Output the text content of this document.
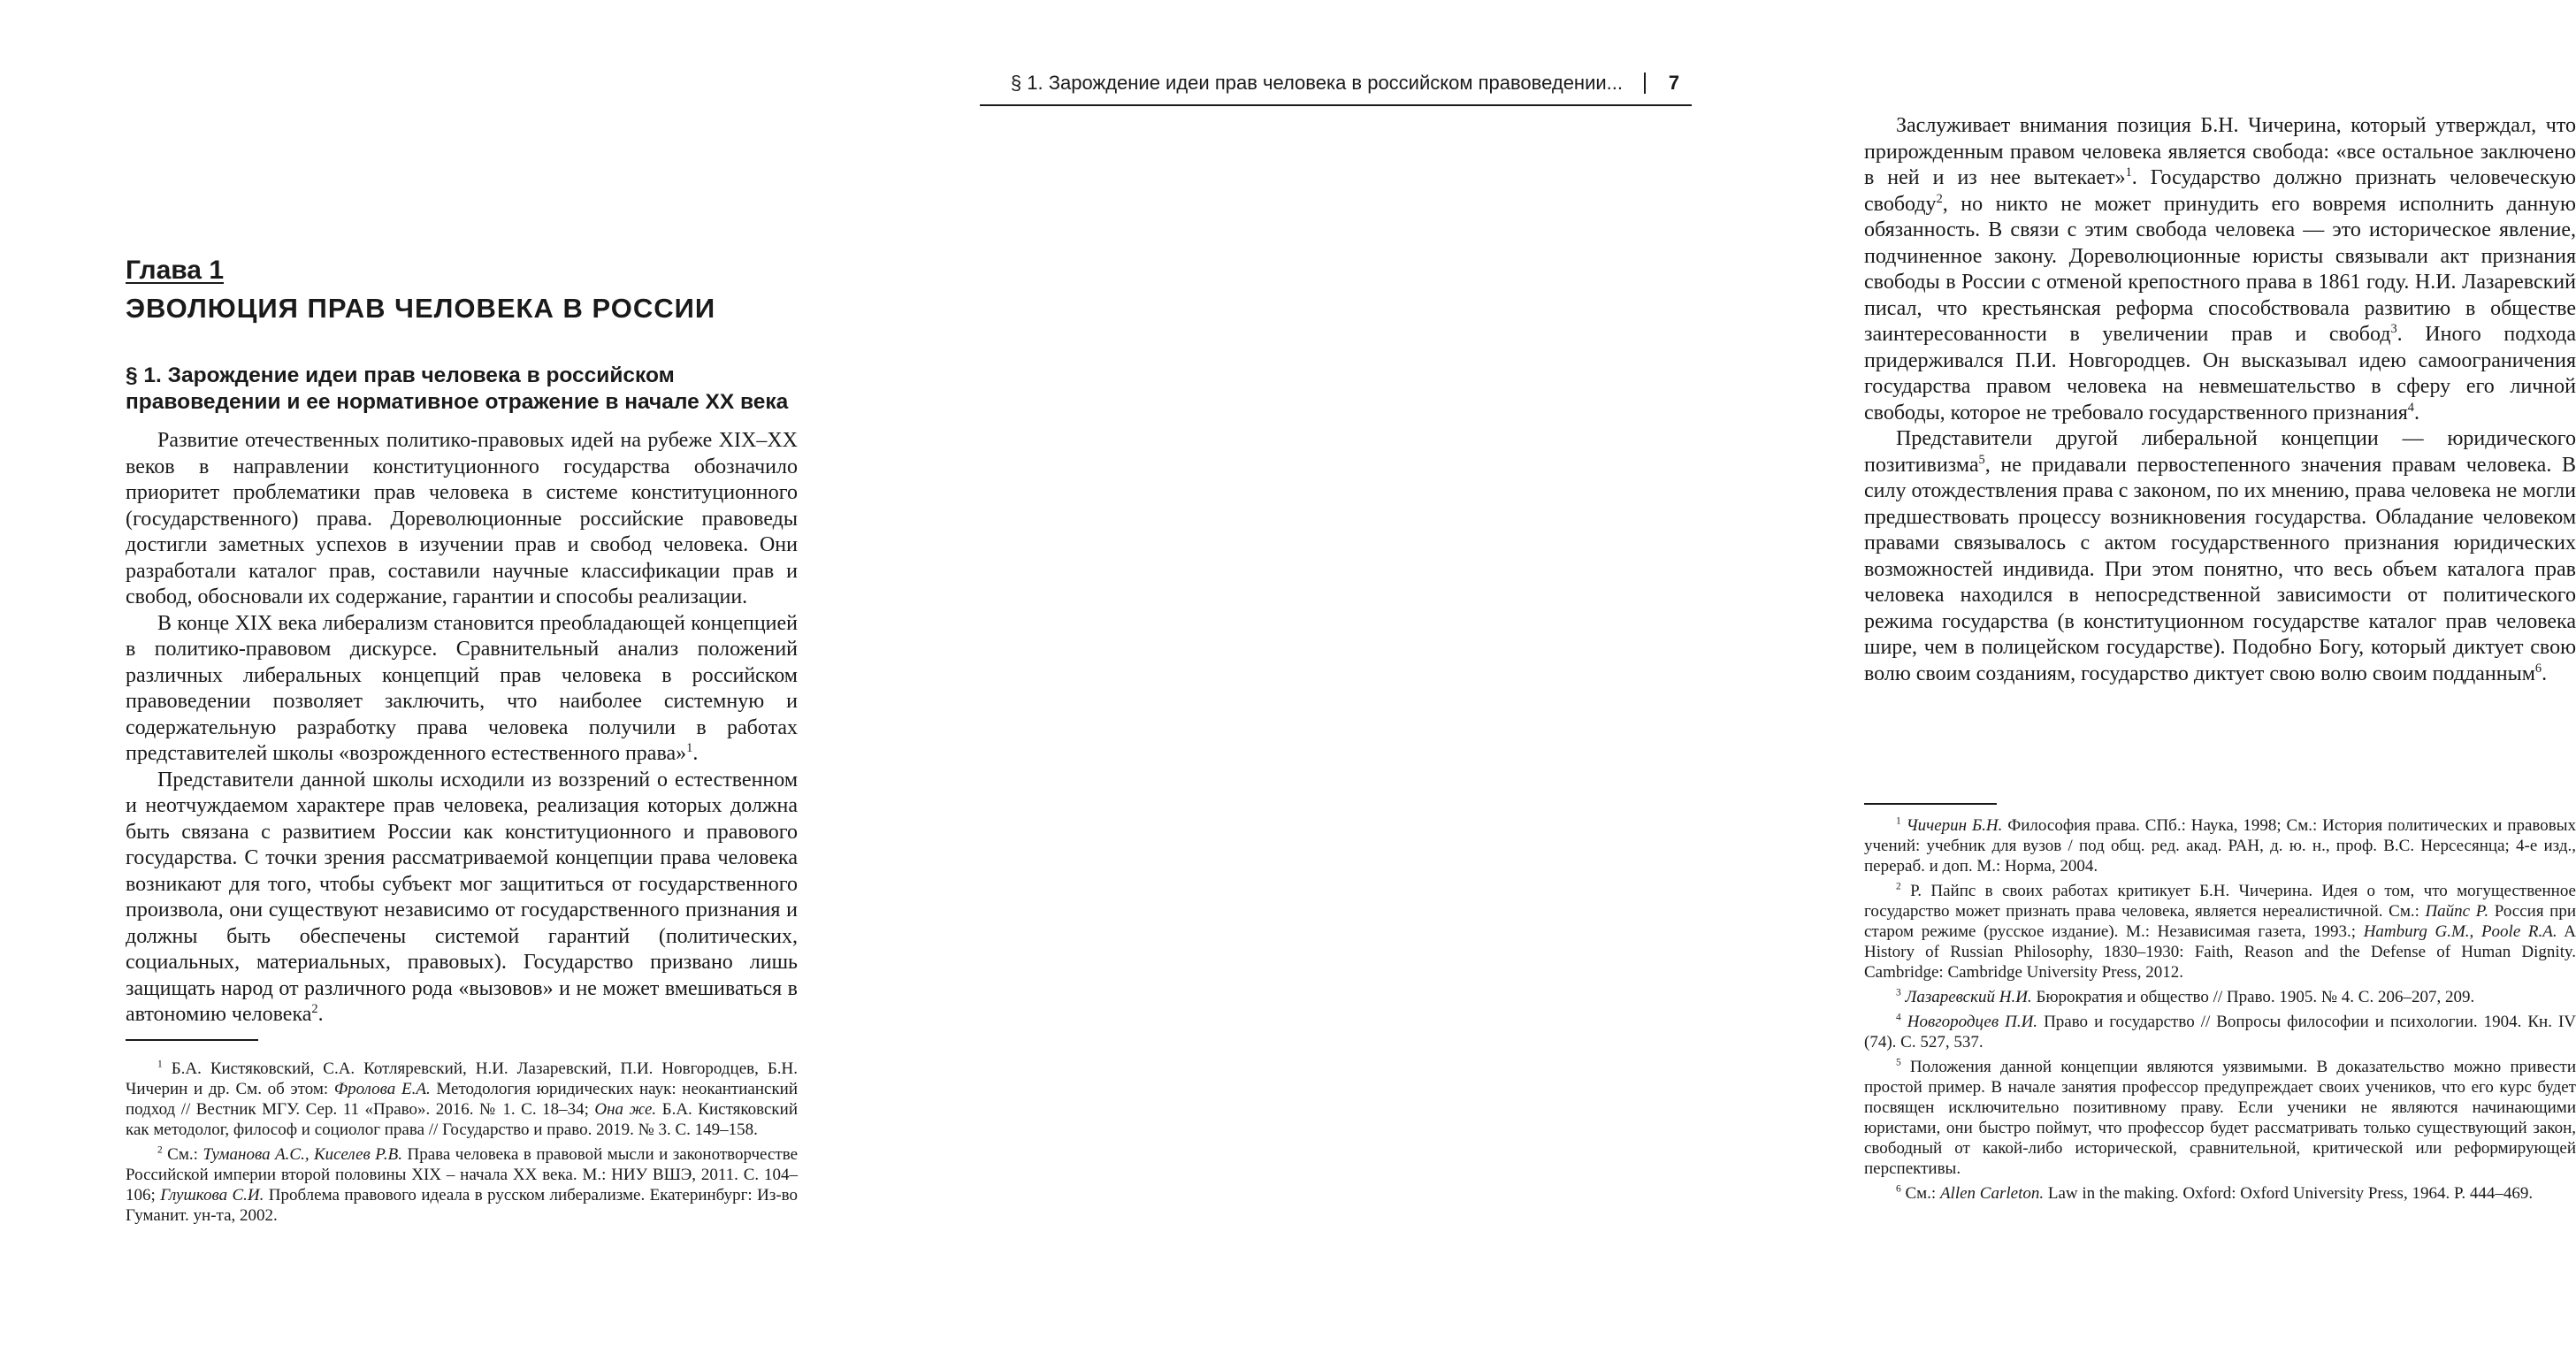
Глава 1
ЭВОЛЮЦИЯ ПРАВ ЧЕЛОВЕКА В РОССИИ
§ 1. Зарождение идеи прав человека в российском правоведении и ее нормативное отражение в начале XX века

Развитие отечественных политико-правовых идей на рубеже XIX–XX веков в направлении конституционного государства обозначило приоритет проблематики прав человека в системе конституционного (государственного) права. Дореволюционные российские правоведы достигли заметных успехов в изучении прав и свобод человека. Они разработали каталог прав, составили научные классификации прав и свобод, обосновали их содержание, гарантии и способы реализации.

В конце XIX века либерализм становится преобладающей концепцией в политико-правовом дискурсе. Сравнительный анализ положений различных либеральных концепций прав человека в российском правоведении позволяет заключить, что наиболее системную и содержательную разработку права человека получили в работах представителей школы «возрожденного естественного права»$^1$.

Представители данной школы исходили из воззрений о естественном и неотчуждаемом характере прав человека, реализация которых должна быть связана с развитием России как конституционного и правового государства. С точки зрения рассматриваемой концепции права человека возникают для того, чтобы субъект мог защититься от государственного произвола, они существуют независимо от государственного признания и должны быть обеспечены системой гарантий (политических, социальных, материальных, правовых). Государство призвано лишь защищать народ от различного рода «вызовов» и не может вмешиваться в автономию человека$^2$.

$^1$ Б.А. Кистяковский, С.А. Котляревский, Н.И. Лазаревский, П.И. Новгородцев, Б.Н. Чичерин и др. См. об этом: Фролова Е.А. Методология юридических наук: неокантианский подход // Вестник МГУ. Сер. 11 «Право». 2016. № 1. С. 18–34; Она же. Б.А. Кистяковский как методолог, философ и социолог права // Государство и право. 2019. № 3. С. 149–158.

$^2$ См.: Туманова А.С., Киселев Р.В. Права человека в правовой мысли и законотворчестве Российской империи второй половины XIX – начала XX века. М.: НИУ ВШЭ, 2011. С. 104–106; Глушкова С.И. Проблема правового идеала в русском либерализме. Екатеринбург: Из-во Гуманит. ун-та, 2002.

§ 1. Зарождение идеи прав человека в российском правоведении...	7

Заслуживает внимания позиция Б.Н. Чичерина, который утверждал, что прирожденным правом человека является свобода: «все остальное заключено в ней и из нее вытекает»$^1$. Государство должно признать человеческую свободу$^2$, но никто не может принудить его вовремя исполнить данную обязанность. В связи с этим свобода человека — это историческое явление, подчиненное закону. Дореволюционные юристы связывали акт признания свободы в России с отменой крепостного права в 1861 году. Н.И. Лазаревский писал, что крестьянская реформа способствовала развитию в обществе заинтересованности в увеличении прав и свобод$^3$. Иного подхода придерживался П.И. Новгородцев. Он высказывал идею самоограничения государства правом человека на невмешательство в сферу его личной свободы, которое не требовало государственного признания$^4$.

Представители другой либеральной концепции — юридического позитивизма$^5$, не придавали первостепенного значения правам человека. В силу отождествления права с законом, по их мнению, права человека не могли предшествовать процессу возникновения государства. Обладание человеком правами связывалось с актом государственного признания юридических возможностей индивида. При этом понятно, что весь объем каталога прав человека находился в непосредственной зависимости от политического режима государства (в конституционном государстве каталог прав человека шире, чем в полицейском государстве). Подобно Богу, который диктует свою волю своим созданиям, государство диктует свою волю своим подданным$^6$.

$^1$ Чичерин Б.Н. Философия права. СПб.: Наука, 1998; См.: История политических и правовых учений: учебник для вузов / под общ. ред. акад. РАН, д. ю. н., проф. В.С. Нерсесянца; 4-е изд., перераб. и доп. М.: Норма, 2004.

$^2$ Р. Пайпс в своих работах критикует Б.Н. Чичерина. Идея о том, что могущественное государство может признать права человека, является нереалистичной. См.: Пайпс Р. Россия при старом режиме (русское издание). М.: Независимая газета, 1993.; Hamburg G.M., Poole R.A. A History of Russian Philosophy, 1830–1930: Faith, Reason and the Defense of Human Dignity. Cambridge: Cambridge University Press, 2012.

$^3$ Лазаревский Н.И. Бюрократия и общество // Право. 1905. № 4. С. 206–207, 209.

$^4$ Новгородцев П.И. Право и государство // Вопросы философии и психологии. 1904. Кн. IV (74). С. 527, 537.

$^5$ Положения данной концепции являются уязвимыми. В доказательство можно привести простой пример. В начале занятия профессор предупреждает своих учеников, что его курс будет посвящен исключительно позитивному праву. Если ученики не являются начинающими юристами, они быстро поймут, что профессор будет рассматривать только существующий закон, свободный от какой-либо исторической, сравнительной, критической или реформирующей перспективы.

$^6$ См.: Allen Carleton. Law in the making. Oxford: Oxford University Press, 1964. P. 444–469.
